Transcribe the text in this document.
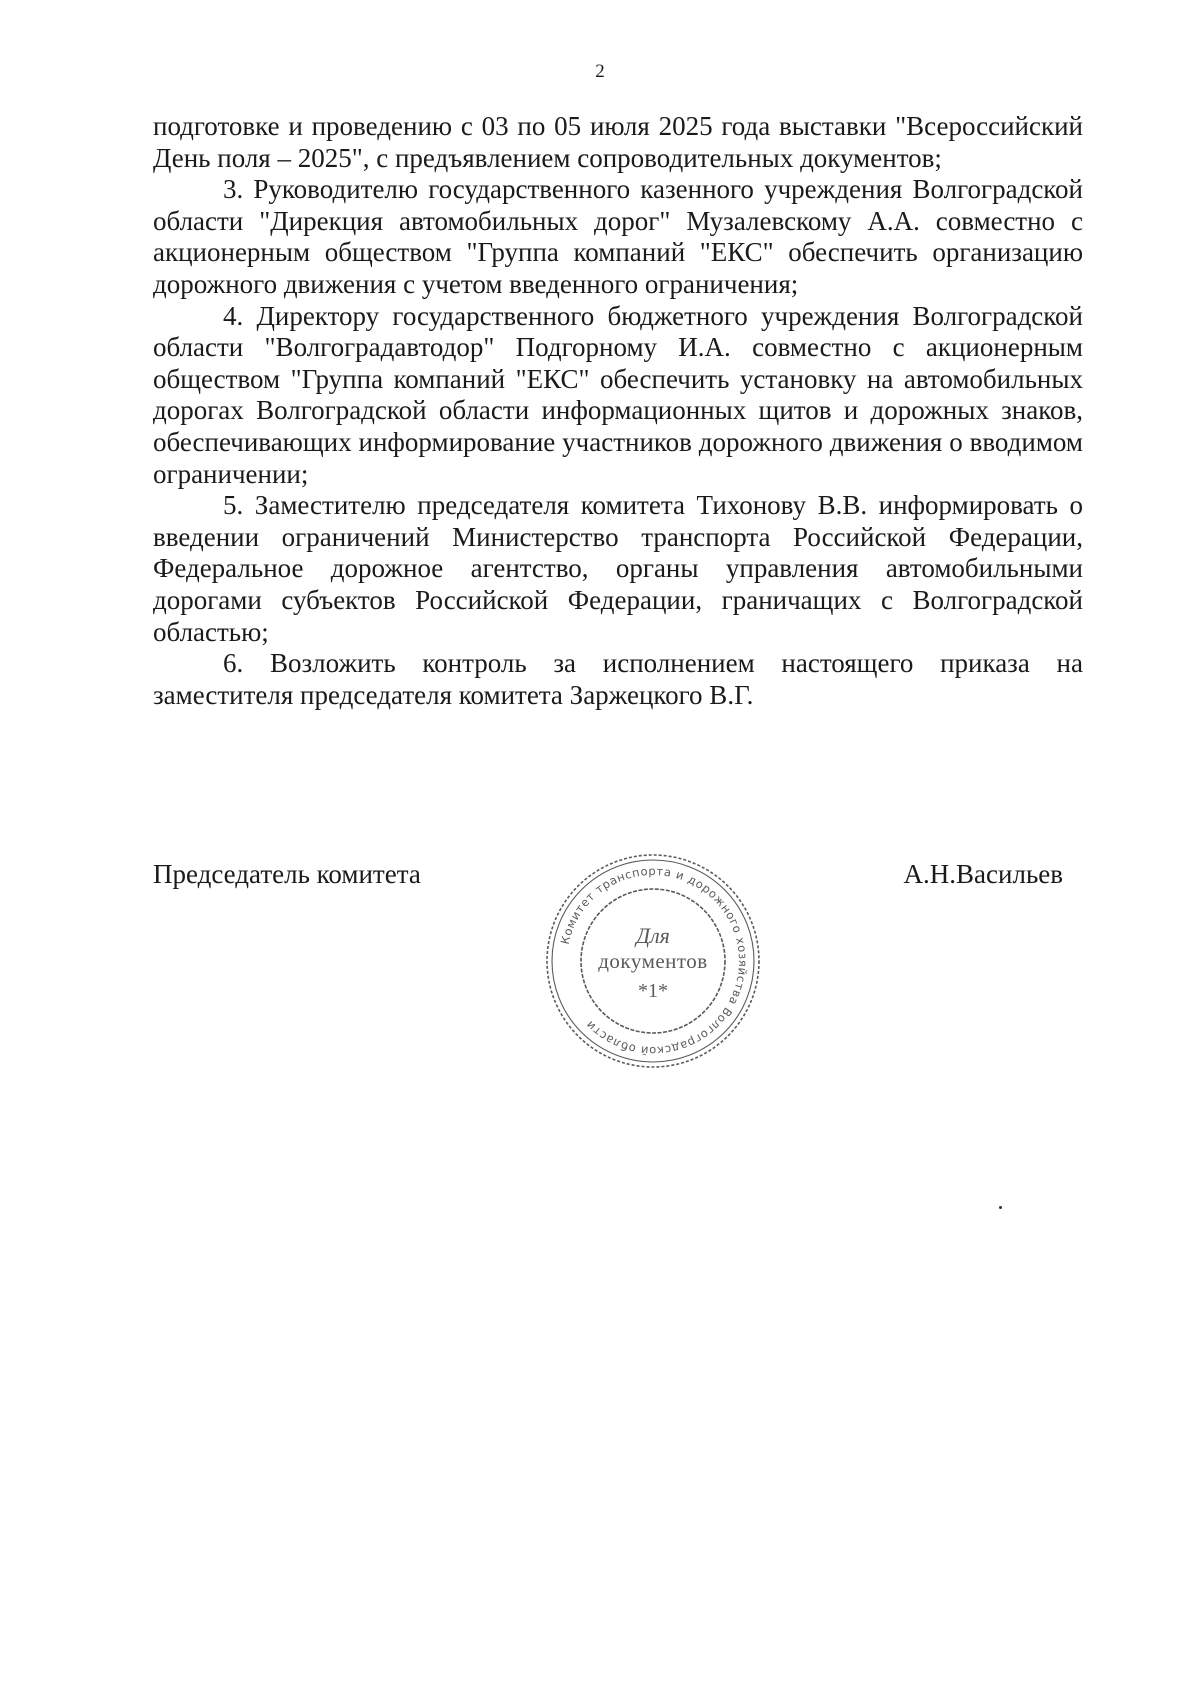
2

подготовке и проведению с 03 по 05 июля 2025 года выставки "Всероссийский День поля – 2025", с предъявлением сопроводительных документов;

3. Руководителю государственного казенного учреждения Волгоградской области "Дирекция автомобильных дорог" Музалевскому А.А. совместно с акционерным обществом "Группа компаний "ЕКС" обеспечить организацию дорожного движения с учетом введенного ограничения;

4. Директору государственного бюджетного учреждения Волгоградской области "Волгоградавтодор" Подгорному И.А. совместно с акционерным обществом "Группа компаний "ЕКС" обеспечить установку на автомобильных дорогах Волгоградской области информационных щитов и дорожных знаков, обеспечивающих информирование участников дорожного движения о вводимом ограничении;

5. Заместителю председателя комитета Тихонову В.В. информировать о введении ограничений Министерство транспорта Российской Федерации, Федеральное дорожное агентство, органы управления автомобильными дорогами субъектов Российской Федерации, граничащих с Волгоградской областью;

6. Возложить контроль за исполнением настоящего приказа на заместителя председателя комитета Заржецкого В.Г.

Председатель комитета	А.Н.Васильев
Комитет транспорта и дорожного хозяйства Волгоградской области
Для
документов
*1*
